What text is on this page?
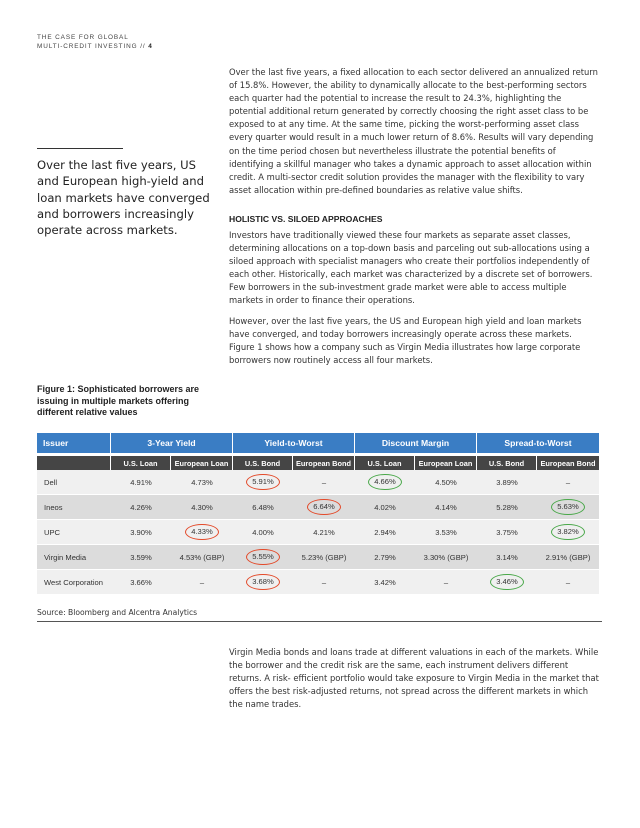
THE CASE FOR GLOBAL
MULTI-CREDIT INVESTING // 4

Over the last five years, a fixed allocation to each sector delivered an annualized return of 15.8%. However, the ability to dynamically allocate to the best-performing sectors each quarter had the potential to increase the result to 24.3%, highlighting the potential additional return generated by correctly choosing the right asset class to be exposed to at any time. At the same time, picking the worst-performing asset class every quarter would result in a much lower return of 8.6%. Results will vary depending on the time period chosen but nevertheless illustrate the potential benefits of identifying a skillful manager who takes a dynamic approach to asset allocation within credit. A multi-sector credit solution provides the manager with the flexibility to vary asset allocation within pre-defined boundaries as relative value shifts.

Over the last five years, US and European high-yield and loan markets have converged and borrowers increasingly operate across markets.

HOLISTIC VS. SILOED APPROACHES

Investors have traditionally viewed these four markets as separate asset classes, determining allocations on a top-down basis and parceling out sub-allocations using a siloed approach with specialist managers who create their portfolios independently of each other. Historically, each market was characterized by a discrete set of borrowers. Few borrowers in the sub-investment grade market were able to access multiple markets in order to finance their operations.

However, over the last five years, the US and European high yield and loan markets have converged, and today borrowers increasingly operate across these markets. Figure 1 shows how a company such as Virgin Media illustrates how large corporate borrowers now routinely access all four markets.

Figure 1: Sophisticated borrowers are issuing in multiple markets offering different relative values

Issuer	3-Year Yield		Yield-to-Worst		Discount Margin		Spread-to-Worst	

	U.S. Loan	European Loan	U.S. Bond	European Bond	U.S. Loan	European Loan	U.S. Bond	European Bond
Dell	4.91%	4.73%	5.91%	–	4.66%	4.50%	3.89%	–
Ineos	4.26%	4.30%	6.48%	6.64%	4.02%	4.14%	5.28%	5.63%
UPC	3.90%	4.33%	4.00%	4.21%	2.94%	3.53%	3.75%	3.82%
Virgin Media	3.59%	4.53% (GBP)	5.55%	5.23% (GBP)	2.79%	3.30% (GBP)	3.14%	2.91% (GBP)
West Corporation	3.66%	–	3.68%	–	3.42%	–	3.46%	–
Source: Bloomberg and Alcentra Analytics

Virgin Media bonds and loans trade at different valuations in each of the markets. While the borrower and the credit risk are the same, each instrument delivers different returns. A risk- efficient portfolio would take exposure to Virgin Media in the market that offers the best risk-adjusted returns, not spread across the different markets in which the name trades.
